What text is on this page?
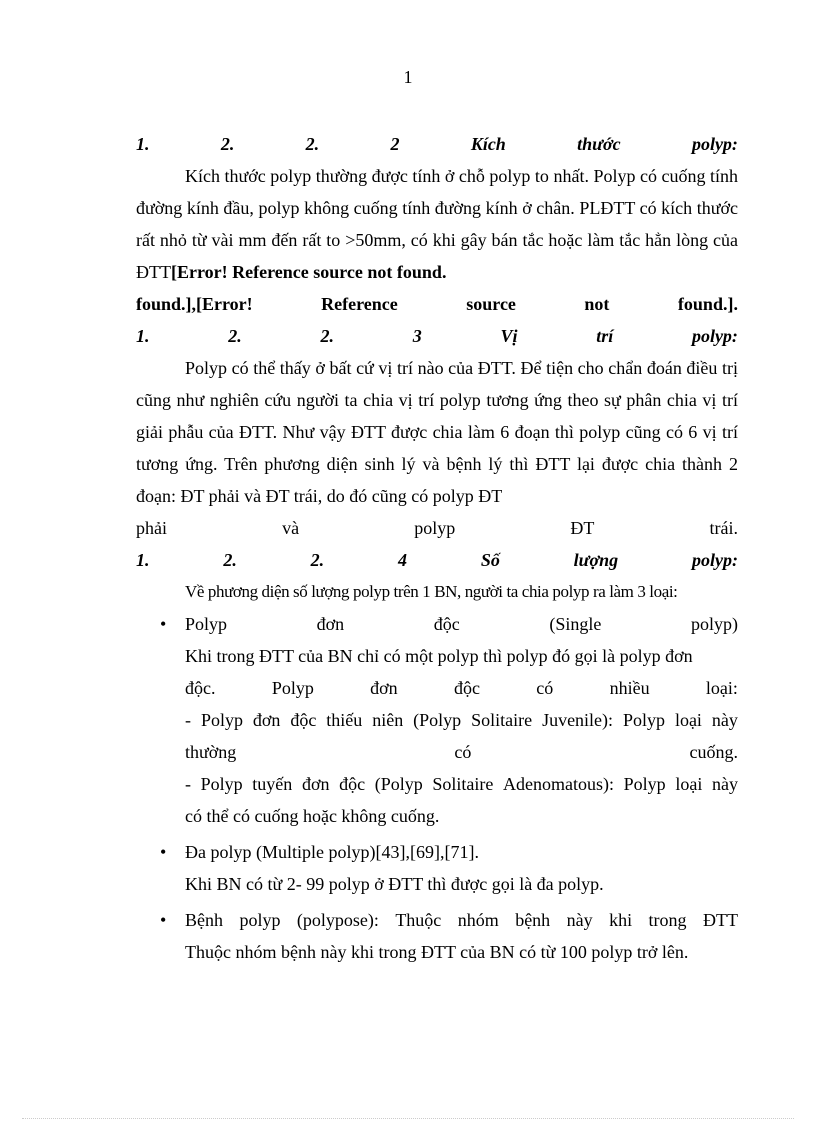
1
1.	2.	2.	2	Kích	thước	polyp:

Kích thước polyp thường được tính ở chỗ polyp to nhất. Polyp có cuống tính đường kính đầu, polyp không cuống tính đường kính ở chân. PLĐTT có kích thước rất nhỏ từ vài mm đến rất to >50mm, có khi gây bán tắc hoặc làm tắc hẳn lòng của ĐTT[Error! Reference source not found.

found.],[Error!	Reference	source	not	found.].
1.	2.	2.	3	Vị	trí	polyp:

Polyp có thể thấy ở bất cứ vị trí nào của ĐTT. Để tiện cho chẩn đoán điều trị cũng như nghiên cứu người ta chia vị trí polyp tương ứng theo sự phân chia vị trí giải phẫu của ĐTT. Như vậy ĐTT được chia làm 6 đoạn thì polyp cũng có 6 vị trí tương ứng. Trên phương diện sinh lý và bệnh lý thì ĐTT lại được chia thành 2 đoạn: ĐT phải và ĐT trái, do đó cũng có polyp ĐT

phải	và	polyp	ĐT	trái.
1.	2.	2.	4	Số	lượng	polyp:
Về phương diện số lượng polyp trên 1 BN, người ta chia polyp ra làm 3 loại:
• Polyp	đơn	độc	(Single	polyp)
Khi trong ĐTT của BN chỉ có một polyp thì polyp đó gọi là polyp đơn
độc.	Polyp	đơn	độc	có	nhiều	loại:
- Polyp đơn độc thiếu niên (Polyp Solitaire Juvenile): Polyp loại này
thường	có	cuống.
- Polyp tuyến đơn độc (Polyp Solitaire Adenomatous): Polyp loại này
có thể có cuống hoặc không cuống.
• Đa polyp (Multiple polyp)[43],[69],[71].
Khi BN có từ 2- 99 polyp ở ĐTT thì được gọi là đa polyp.
• Bệnh polyp (polypose): Thuộc nhóm bệnh này khi trong ĐTT
Thuộc nhóm bệnh này khi trong ĐTT của BN có từ 100 polyp trở lên.
